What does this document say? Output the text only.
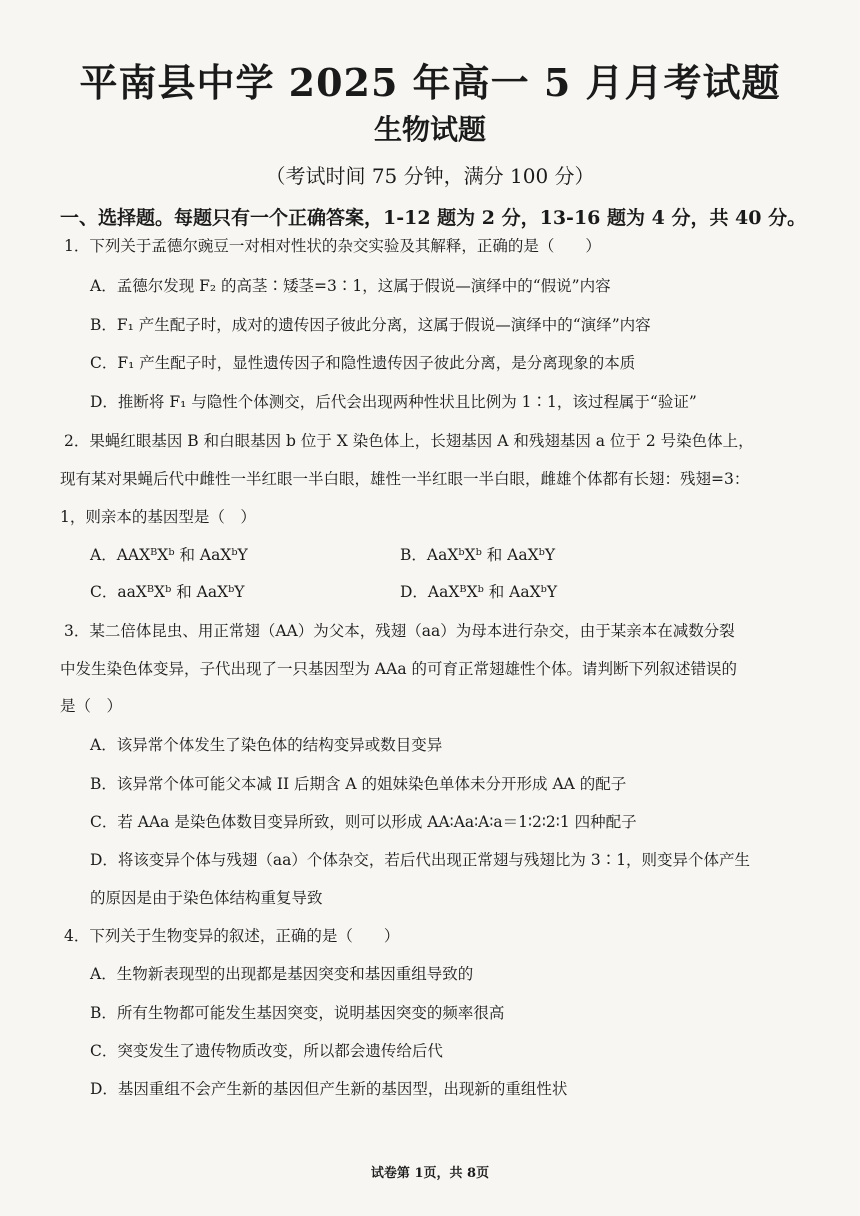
平南县中学 2025 年高一 5 月月考试题
生物试题
（考试时间 75 分钟，满分 100 分）
一、选择题。每题只有一个正确答案，1-12 题为 2 分，13-16 题为 4 分，共 40 分。
1．下列关于孟德尔豌豆一对相对性状的杂交实验及其解释，正确的是（　　）
A．孟德尔发现 F₂ 的高茎∶矮茎=3∶1，这属于假说—演绎中的“假说”内容
B．F₁ 产生配子时，成对的遗传因子彼此分离，这属于假说—演绎中的“演绎”内容
C．F₁ 产生配子时，显性遗传因子和隐性遗传因子彼此分离，是分离现象的本质
D．推断将 F₁ 与隐性个体测交，后代会出现两种性状且比例为 1∶1，该过程属于“验证”
2．果蝇红眼基因 B 和白眼基因 b 位于 X 染色体上，长翅基因 A 和残翅基因 a 位于 2 号染色体上，
现有某对果蝇后代中雌性一半红眼一半白眼，雄性一半红眼一半白眼，雌雄个体都有长翅：残翅=3：
1，则亲本的基因型是（　）
A．AAXᴮXᵇ 和 AaXᵇY	B．AaXᵇXᵇ 和 AaXᵇY
C．aaXᴮXᵇ 和 AaXᵇY	D．AaXᴮXᵇ 和 AaXᵇY
3．某二倍体昆虫、用正常翅（AA）为父本，残翅（aa）为母本进行杂交，由于某亲本在减数分裂
中发生染色体变异，子代出现了一只基因型为 AAa 的可育正常翅雄性个体。请判断下列叙述错误的
是（　）
A．该异常个体发生了染色体的结构变异或数目变异
B．该异常个体可能父本减 II 后期含 A 的姐妹染色单体未分开形成 AA 的配子
C．若 AAa 是染色体数目变异所致，则可以形成 AA∶Aa∶A∶a＝1∶2∶2∶1 四种配子
D．将该变异个体与残翅（aa）个体杂交，若后代出现正常翅与残翅比为 3∶1，则变异个体产生
的原因是由于染色体结构重复导致
4．下列关于生物变异的叙述，正确的是（　　）
A．生物新表现型的出现都是基因突变和基因重组导致的
B．所有生物都可能发生基因突变，说明基因突变的频率很高
C．突变发生了遗传物质改变，所以都会遗传给后代
D．基因重组不会产生新的基因但产生新的基因型，出现新的重组性状
试卷第 1页，共 8页
